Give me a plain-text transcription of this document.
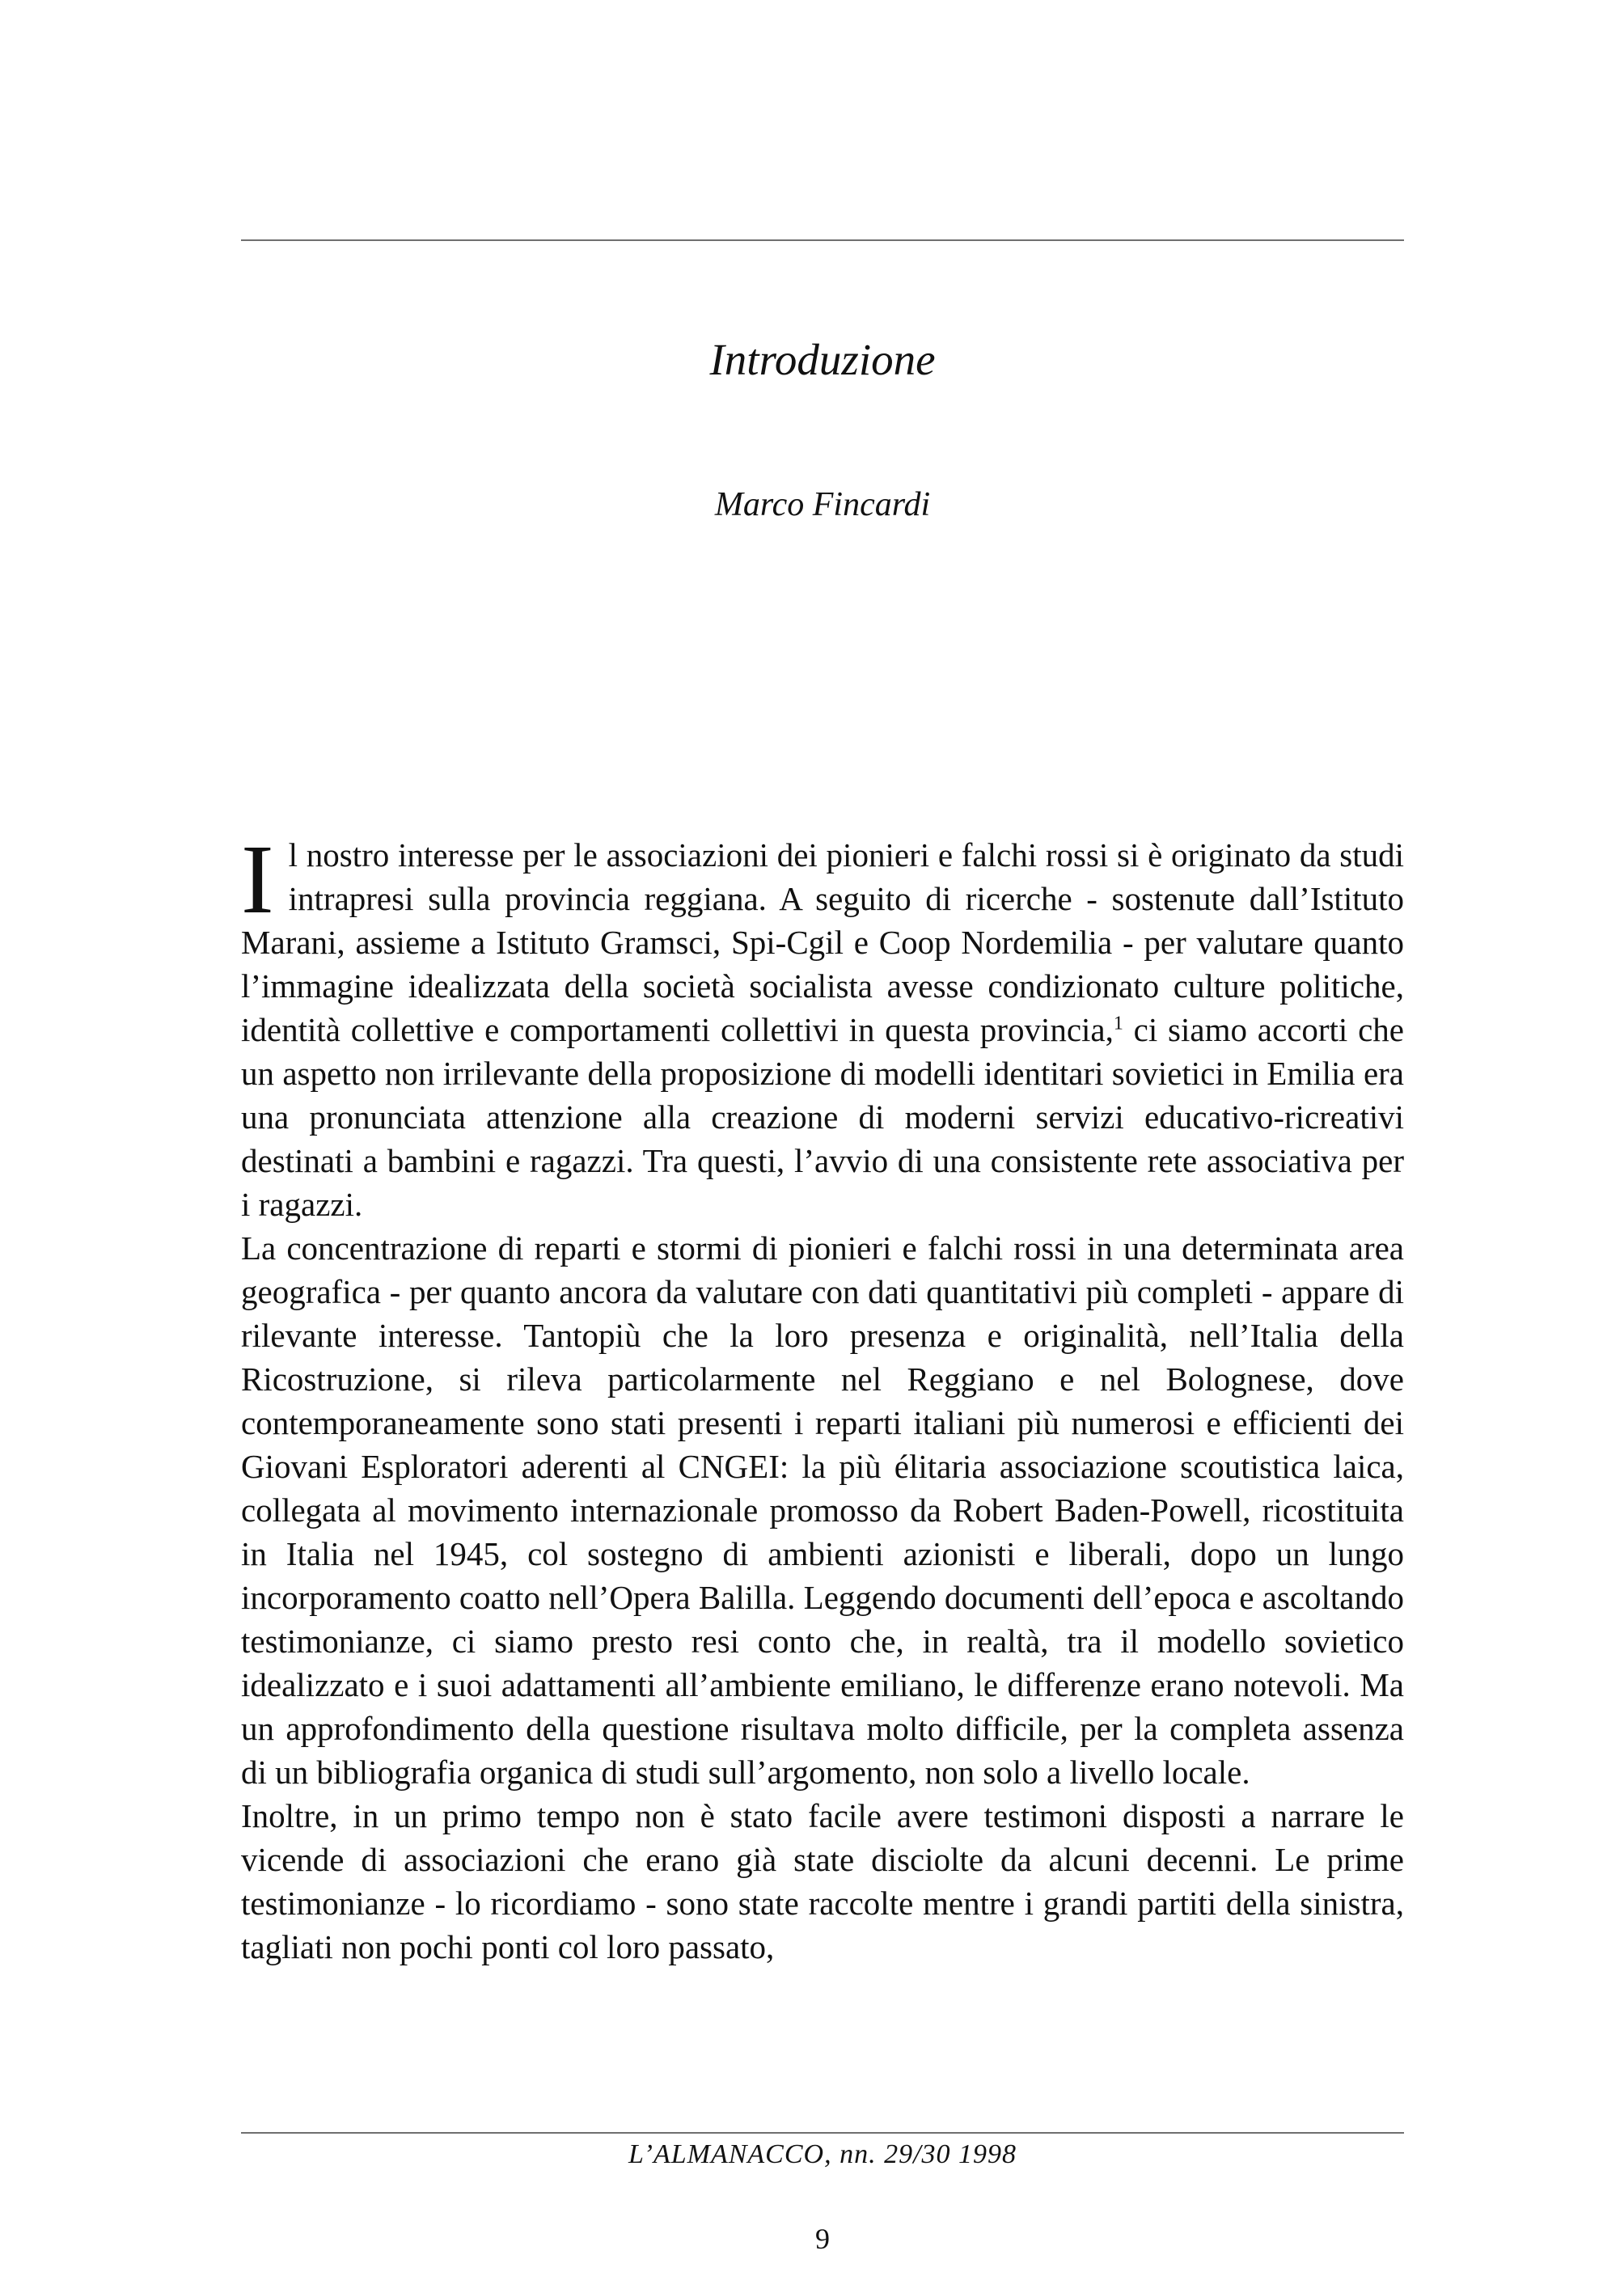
Introduzione
Marco Fincardi

Il nostro interesse per le associazioni dei pionieri e falchi rossi si è originato da studi intrapresi sulla provincia reggiana. A seguito di ricerche - sostenute dall’Istituto Marani, assieme a Istituto Gramsci, Spi-Cgil e Coop Nordemilia - per valutare quanto l’immagine idealizzata della società socialista avesse condizionato culture politiche, identità collettive e comportamenti collettivi in questa provincia,$^1$ ci siamo accorti che un aspetto non irrilevante della proposizione di modelli identitari sovietici in Emilia era una pronunciata attenzione alla creazione di moderni servizi educativo-ricreativi destinati a bambini e ragazzi. Tra questi, l’avvio di una consistente rete associativa per i ragazzi.

La concentrazione di reparti e stormi di pionieri e falchi rossi in una determinata area geografica - per quanto ancora da valutare con dati quantitativi più completi - appare di rilevante interesse. Tantopiù che la loro presenza e originalità, nell’Italia della Ricostruzione, si rileva particolarmente nel Reggiano e nel Bolognese, dove contemporaneamente sono stati presenti i reparti italiani più numerosi e efficienti dei Giovani Esploratori aderenti al CNGEI: la più élitaria associazione scoutistica laica, collegata al movimento internazionale promosso da Robert Baden-Powell, ricostituita in Italia nel 1945, col sostegno di ambienti azionisti e liberali, dopo un lungo incorporamento coatto nell’Opera Balilla. Leggendo documenti dell’epoca e ascoltando testimonianze, ci siamo presto resi conto che, in realtà, tra il modello sovietico idealizzato e i suoi adattamenti all’ambiente emiliano, le differenze erano notevoli. Ma un approfondimento della questione risultava molto difficile, per la completa assenza di un bibliografia organica di studi sull’argomento, non solo a livello locale.

Inoltre, in un primo tempo non è stato facile avere testimoni disposti a narrare le vicende di associazioni che erano già state disciolte da alcuni decenni. Le prime testimonianze - lo ricordiamo - sono state raccolte mentre i grandi partiti della sinistra, tagliati non pochi ponti col loro passato,

L’ALMANACCO, nn. 29/30 1998
9
